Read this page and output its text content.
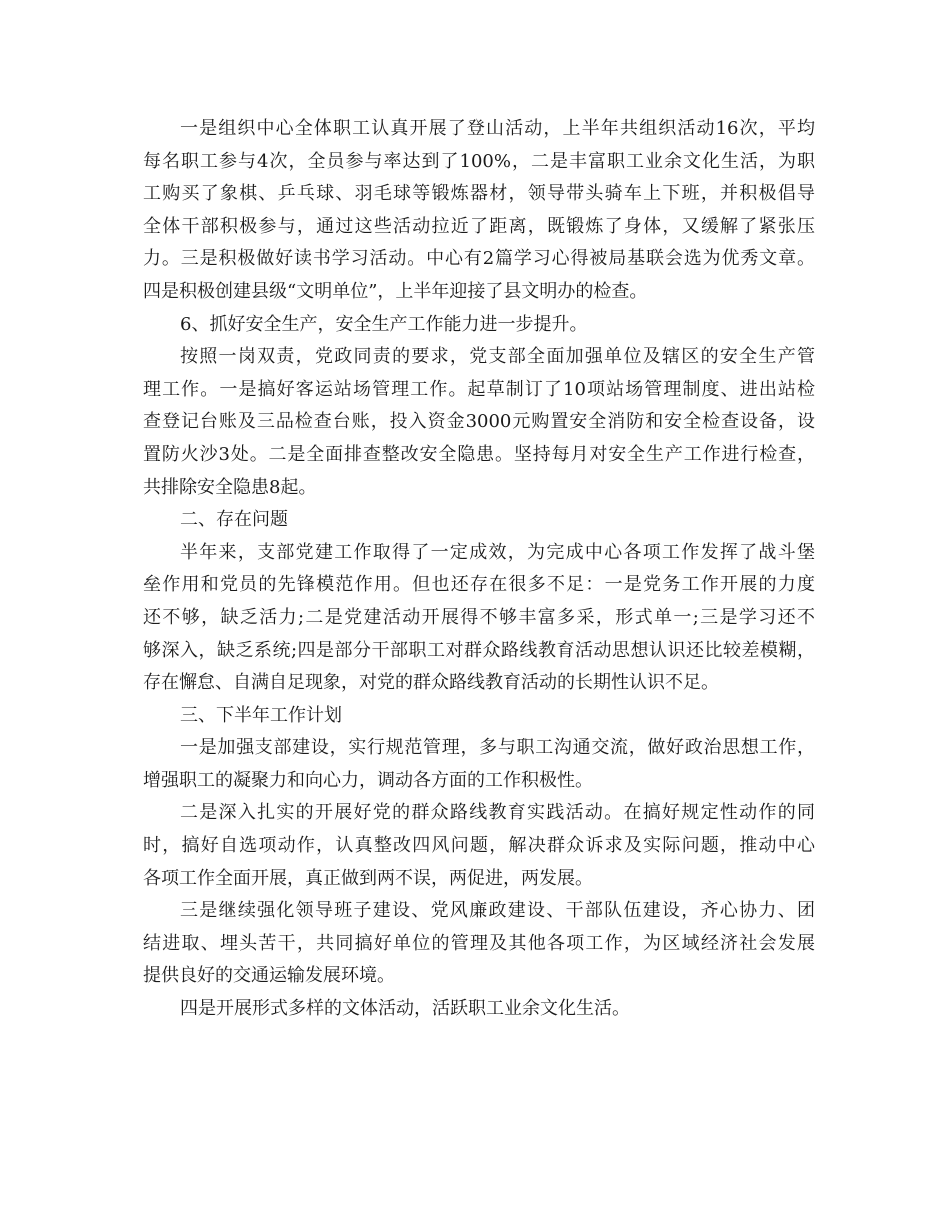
一是组织中心全体职工认真开展了登山活动，上半年共组织活动16次，平均
每名职工参与4次，全员参与率达到了100%，二是丰富职工业余文化生活，为职
工购买了象棋、乒乓球、羽毛球等锻炼器材，领导带头骑车上下班，并积极倡导
全体干部积极参与，通过这些活动拉近了距离，既锻炼了身体，又缓解了紧张压
力。三是积极做好读书学习活动。中心有2篇学习心得被局基联会选为优秀文章。
四是积极创建县级“文明单位”，上半年迎接了县文明办的检查。
6、抓好安全生产，安全生产工作能力进一步提升。
按照一岗双责，党政同责的要求，党支部全面加强单位及辖区的安全生产管
理工作。一是搞好客运站场管理工作。起草制订了10项站场管理制度、进出站检
查登记台账及三品检查台账，投入资金3000元购置安全消防和安全检查设备，设
置防火沙3处。二是全面排查整改安全隐患。坚持每月对安全生产工作进行检查，
共排除安全隐患8起。
二、存在问题
半年来，支部党建工作取得了一定成效，为完成中心各项工作发挥了战斗堡
垒作用和党员的先锋模范作用。但也还存在很多不足：一是党务工作开展的力度
还不够，缺乏活力;二是党建活动开展得不够丰富多采，形式单一;三是学习还不
够深入，缺乏系统;四是部分干部职工对群众路线教育活动思想认识还比较差模糊，
存在懈怠、自满自足现象，对党的群众路线教育活动的长期性认识不足。
三、下半年工作计划
一是加强支部建设，实行规范管理，多与职工沟通交流，做好政治思想工作，
增强职工的凝聚力和向心力，调动各方面的工作积极性。
二是深入扎实的开展好党的群众路线教育实践活动。在搞好规定性动作的同
时，搞好自选项动作，认真整改四风问题，解决群众诉求及实际问题，推动中心
各项工作全面开展，真正做到两不误，两促进，两发展。
三是继续强化领导班子建设、党风廉政建设、干部队伍建设，齐心协力、团
结进取、埋头苦干，共同搞好单位的管理及其他各项工作，为区域经济社会发展
提供良好的交通运输发展环境。
四是开展形式多样的文体活动，活跃职工业余文化生活。
